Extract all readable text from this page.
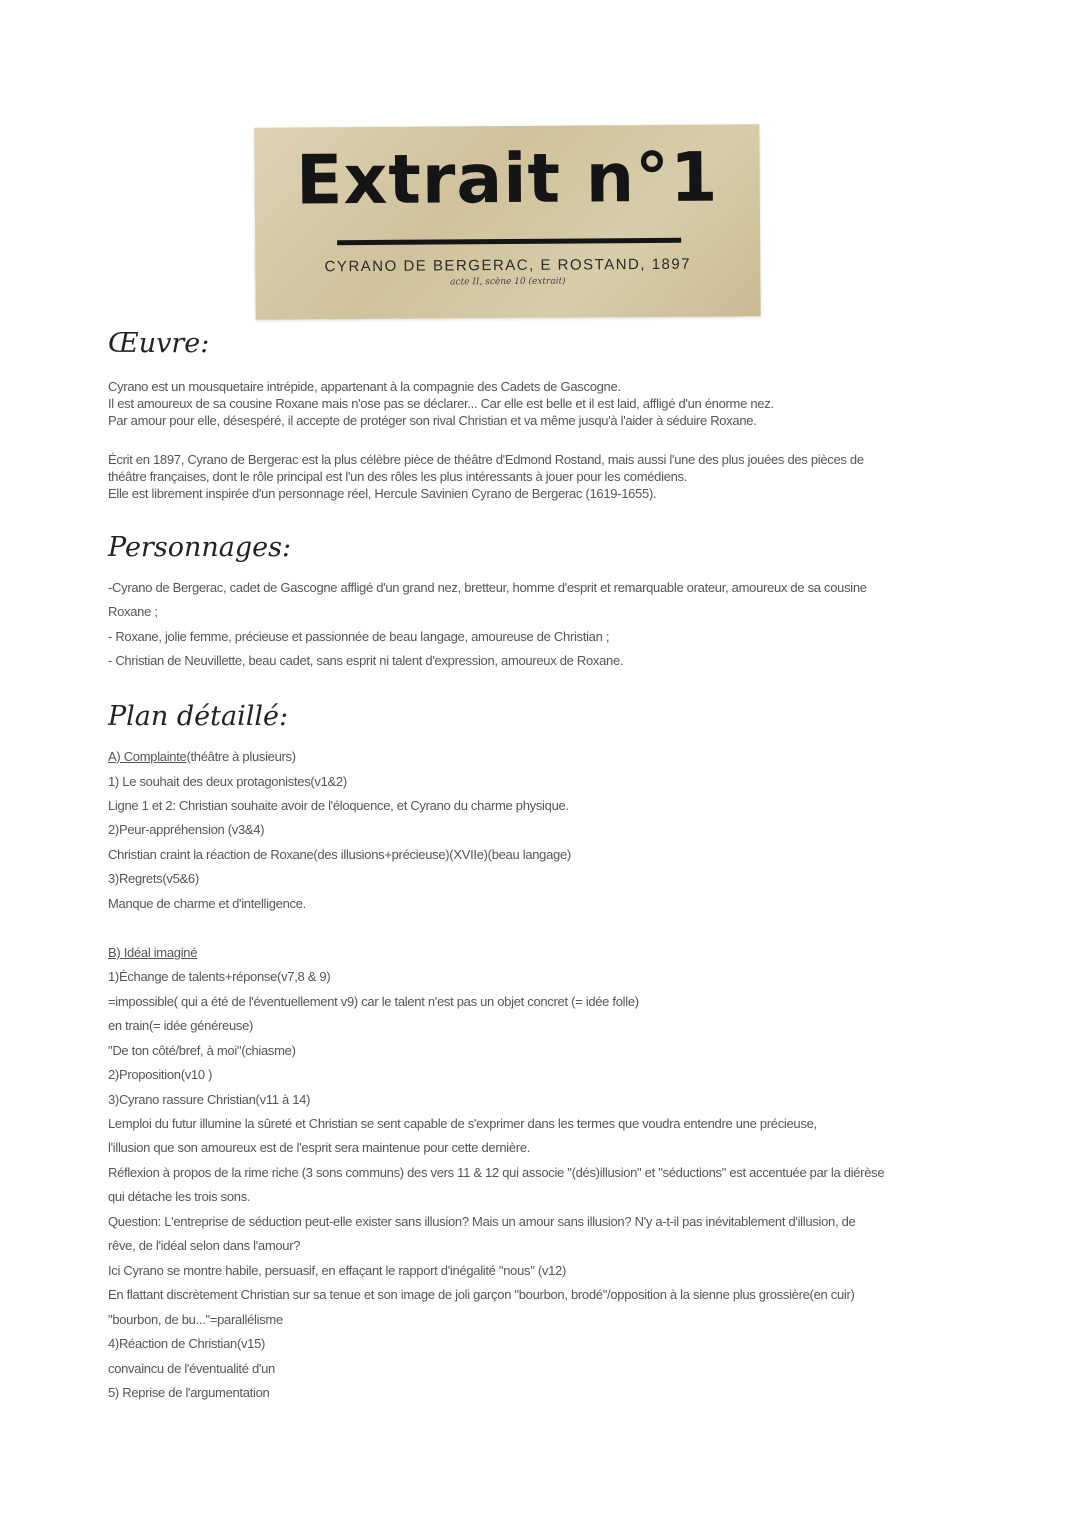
Extrait n°1
CYRANO DE BERGERAC, E ROSTAND, 1897
acte II, scène 10 (extrait)
Œuvre:
Cyrano est un mousquetaire intrépide, appartenant à la compagnie des Cadets de Gascogne.
Il est amoureux de sa cousine Roxane mais n'ose pas se déclarer... Car elle est belle et il est laid, affligé d'un énorme nez.
Par amour pour elle, désespéré, il accepte de protéger son rival Christian et va même jusqu'à l'aider à séduire Roxane.
Écrit en 1897, Cyrano de Bergerac est la plus célèbre pièce de théâtre d'Edmond Rostand, mais aussi l'une des plus jouées des pièces de
théâtre françaises, dont le rôle principal est l'un des rôles les plus intéressants à jouer pour les comédiens.
Elle est librement inspirée d'un personnage réel, Hercule Savinien Cyrano de Bergerac (1619-1655).
Personnages:
-Cyrano de Bergerac, cadet de Gascogne affligé d'un grand nez, bretteur, homme d'esprit et remarquable orateur, amoureux de sa cousine
Roxane ;
- Roxane, jolie femme, précieuse et passionnée de beau langage, amoureuse de Christian ;
- Christian de Neuvillette, beau cadet, sans esprit ni talent d'expression, amoureux de Roxane.
Plan détaillé:
A) Complainte(théâtre à plusieurs)
1) Le souhait des deux protagonistes(v1&2)
Ligne 1 et 2: Christian souhaite avoir de l'éloquence, et Cyrano du charme physique.
2)Peur-appréhension (v3&4)
Christian craint la réaction de Roxane(des illusions+précieuse)(XVIIe)(beau langage)
3)Regrets(v5&6)
Manque de charme et d'intelligence.
B) Idéal imaginé
1)Échange de talents+réponse(v7,8 & 9)
=impossible( qui a été de l'éventuellement v9) car le talent n'est pas un objet concret (= idée folle)
en train(= idée généreuse)
"De ton côté/bref, à moi"(chiasme)
2)Proposition(v10 )
3)Cyrano rassure Christian(v11 à 14)
Lemploi du futur illumine la sûreté et Christian se sent capable de s'exprimer dans les termes que voudra entendre une précieuse,
l'illusion que son amoureux est de l'esprit sera maintenue pour cette dernière.
Réflexion à propos de la rime riche (3 sons communs) des vers 11 & 12 qui associe "(dés)illusion" et "séductions" est accentuée par la diérèse
qui détache les trois sons.
Question: L'entreprise de séduction peut-elle exister sans illusion? Mais un amour sans illusion? N'y a-t-il pas inévitablement d'illusion, de
rêve, de l'idéal selon dans l'amour?
Ici Cyrano se montre habile, persuasif, en effaçant le rapport d'inégalité "nous" (v12)
En flattant discrètement Christian sur sa tenue et son image de joli garçon "bourbon, brodé"/opposition à la sienne plus grossière(en cuir)
"bourbon, de bu..."=parallélisme
4)Réaction de Christian(v15)
convaincu de l'éventualité d'un
5) Reprise de l'argumentation
